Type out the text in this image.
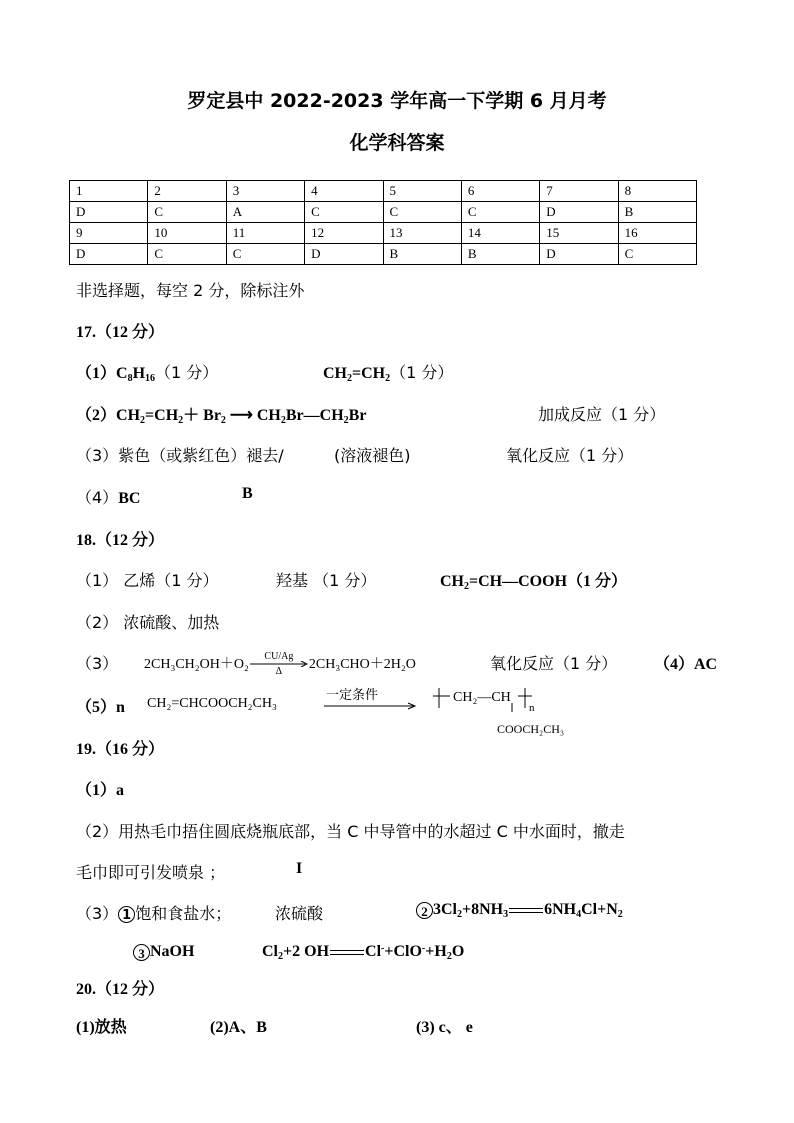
罗定县中 2022-2023 学年高一下学期 6 月月考
化学科答案
1	2	3	4	5	6	7	8
D	C	A	C	C	C	D	B
9	10	11	12	13	14	15	16
D	C	C	D	B	B	D	C
非选择题，每空 2 分，除标注外
17.（12 分）
$(1)C_8H_{16}(1$ 分）	$CH_2=CH_2(1$ 分）
$(2)CH_2=CH_2+ Br_2$ ⟶ $CH_2Br—CH_2Br$	加成反应（1 分）
（3）紫色（或紫红色）褪去/	(溶液褪色)	氧化反应（1 分）
（4）BC	B
18.（12 分）
（1） 乙烯（1 分）	羟基 （1 分）	$CH_2=CH—COOH(1$ 分）
（2） 浓硫酸、加热
（3） 2CH₃CH₂OH＋O₂
CU/Ag
Δ	2CH₃CHO＋2H₂O	氧化反应（1 分） （4）AC
（5）n CH₂=CHCOOCH₂CH₃
一定条件	CH₂—CH
n
COOCH₂CH₃
19.（16 分）
（1）a
（2）用热毛巾捂住圆底烧瓶底部，当 C 中导管中的水超过 C 中水面时，撤走
毛巾即可引发喷泉 ；	I
（3） 1 饱和食盐水；	浓硫酸	2 $3Cl_2+8NH_3$ $6NH_4Cl+N_2$
3 NaOH	$Cl_2+2$ OH $Cl^-+ClO^-+H_2O$
20.（12 分）
(1)放热	(2)A、B	(3) c、 e
